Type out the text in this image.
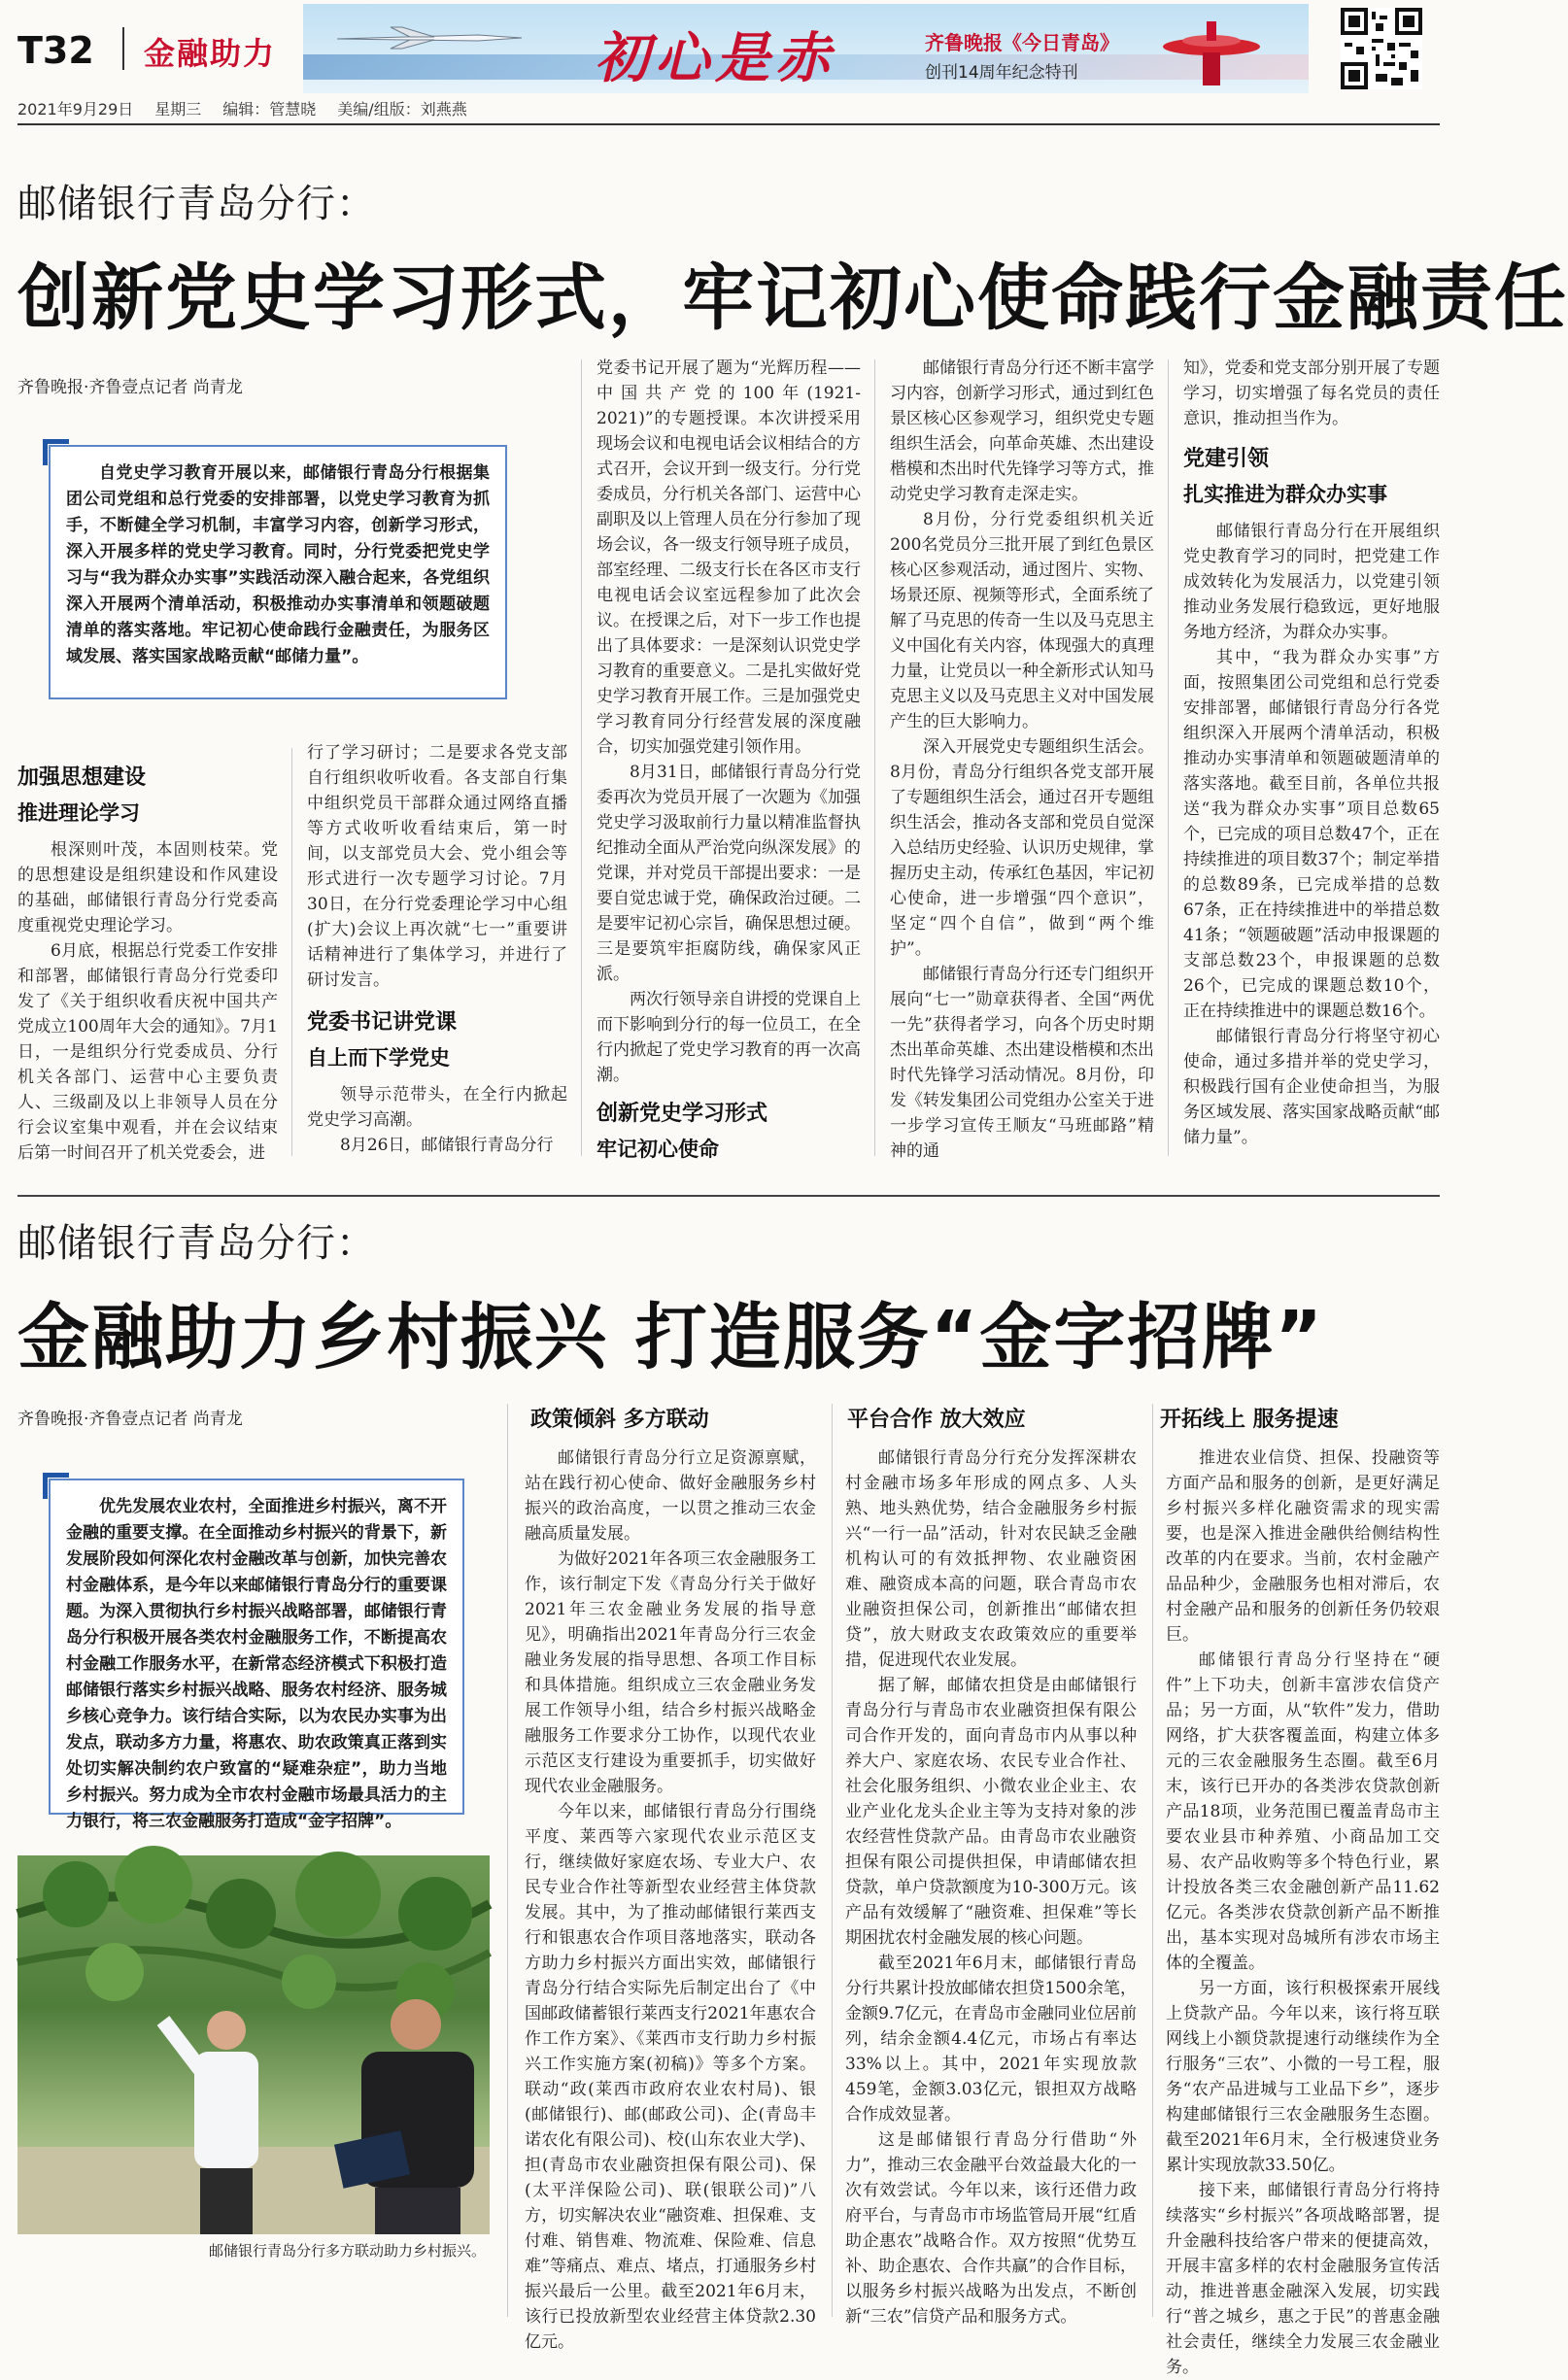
T32 金融助力	初心是赤	齐鲁晚报《今日青岛》
创刊14周年纪念特刊
2021年9月29日 星期三 编辑：管慧晓 美编/组版：刘燕燕
邮储银行青岛分行：
创新党史学习形式，牢记初心使命践行金融责任
齐鲁晚报·齐鲁壹点记者 尚青龙
自党史学习教育开展以来，邮储银行青岛分行根据集团公司党组和总行党委的安排部署，以党史学习教育为抓手，不断健全学习机制，丰富学习内容，创新学习形式，深入开展多样的党史学习教育。同时，分行党委把党史学习与“我为群众办实事”实践活动深入融合起来，各党组织深入开展两个清单活动，积极推动办实事清单和领题破题清单的落实落地。牢记初心使命践行金融责任，为服务区域发展、落实国家战略贡献“邮储力量”。

加强思想建设

推进理论学习

根深则叶茂，本固则枝荣。党的思想建设是组织建设和作风建设的基础，邮储银行青岛分行党委高度重视党史理论学习。

6月底，根据总行党委工作安排和部署，邮储银行青岛分行党委印发了《关于组织收看庆祝中国共产党成立100周年大会的通知》。7月1日，一是组织分行党委成员、分行机关各部门、运营中心主要负责人、三级副及以上非领导人员在分行会议室集中观看，并在会议结束后第一时间召开了机关党委会，进

行了学习研讨；二是要求各党支部自行组织收听收看。各支部自行集中组织党员干部群众通过网络直播等方式收听收看结束后，第一时间，以支部党员大会、党小组会等形式进行一次专题学习讨论。7月30日，在分行党委理论学习中心组(扩大)会议上再次就“七一”重要讲话精神进行了集体学习，并进行了研讨发言。

党委书记讲党课

自上而下学党史

领导示范带头，在全行内掀起党史学习高潮。

8月26日，邮储银行青岛分行

党委书记开展了题为“光辉历程——中国共产党的100年(1921-2021)”的专题授课。本次讲授采用现场会议和电视电话会议相结合的方式召开，会议开到一级支行。分行党委成员，分行机关各部门、运营中心副职及以上管理人员在分行参加了现场会议，各一级支行领导班子成员，部室经理、二级支行长在各区市支行电视电话会议室远程参加了此次会议。在授课之后，对下一步工作也提出了具体要求：一是深刻认识党史学习教育的重要意义。二是扎实做好党史学习教育开展工作。三是加强党史学习教育同分行经营发展的深度融合，切实加强党建引领作用。

8月31日，邮储银行青岛分行党委再次为党员开展了一次题为《加强党史学习汲取前行力量以精准监督执纪推动全面从严治党向纵深发展》的党课，并对党员干部提出要求：一是要自觉忠诚于党，确保政治过硬。二是要牢记初心宗旨，确保思想过硬。三是要筑牢拒腐防线，确保家风正派。

两次行领导亲自讲授的党课自上而下影响到分行的每一位员工，在全行内掀起了党史学习教育的再一次高潮。

创新党史学习形式

牢记初心使命

邮储银行青岛分行还不断丰富学习内容，创新学习形式，通过到红色景区核心区参观学习，组织党史专题组织生活会，向革命英雄、杰出建设楷模和杰出时代先锋学习等方式，推动党史学习教育走深走实。

8月份，分行党委组织机关近200名党员分三批开展了到红色景区核心区参观活动，通过图片、实物、场景还原、视频等形式，全面系统了解了马克思的传奇一生以及马克思主义中国化有关内容，体现强大的真理力量，让党员以一种全新形式认知马克思主义以及马克思主义对中国发展产生的巨大影响力。

深入开展党史专题组织生活会。8月份，青岛分行组织各党支部开展了专题组织生活会，通过召开专题组织生活会，推动各支部和党员自觉深入总结历史经验、认识历史规律，掌握历史主动，传承红色基因，牢记初心使命，进一步增强“四个意识”，坚定“四个自信”，做到“两个维护”。

邮储银行青岛分行还专门组织开展向“七一”勋章获得者、全国“两优一先”获得者学习，向各个历史时期杰出革命英雄、杰出建设楷模和杰出时代先锋学习活动情况。8月份，印发《转发集团公司党组办公室关于进一步学习宣传王顺友“马班邮路”精神的通

知》，党委和党支部分别开展了专题学习，切实增强了每名党员的责任意识，推动担当作为。

党建引领

扎实推进为群众办实事

邮储银行青岛分行在开展组织党史教育学习的同时，把党建工作成效转化为发展活力，以党建引领推动业务发展行稳致远，更好地服务地方经济，为群众办实事。

其中，“我为群众办实事”方面，按照集团公司党组和总行党委安排部署，邮储银行青岛分行各党组织深入开展两个清单活动，积极推动办实事清单和领题破题清单的落实落地。截至目前，各单位共报送“我为群众办实事”项目总数65个，已完成的项目总数47个，正在持续推进的项目数37个；制定举措的总数89条，已完成举措的总数67条，正在持续推进中的举措总数41条；“领题破题”活动申报课题的支部总数23个，申报课题的总数26个，已完成的课题总数10个，正在持续推进中的课题总数16个。

邮储银行青岛分行将坚守初心使命，通过多措并举的党史学习，积极践行国有企业使命担当，为服务区域发展、落实国家战略贡献“邮储力量”。

邮储银行青岛分行：
金融助力乡村振兴 打造服务“金字招牌”
齐鲁晚报·齐鲁壹点记者 尚青龙
优先发展农业农村，全面推进乡村振兴，离不开金融的重要支撑。在全面推动乡村振兴的背景下，新发展阶段如何深化农村金融改革与创新，加快完善农村金融体系，是今年以来邮储银行青岛分行的重要课题。为深入贯彻执行乡村振兴战略部署，邮储银行青岛分行积极开展各类农村金融服务工作，不断提高农村金融工作服务水平，在新常态经济模式下积极打造邮储银行落实乡村振兴战略、服务农村经济、服务城乡核心竞争力。该行结合实际，以为农民办实事为出发点，联动多方力量，将惠农、助农政策真正落到实处切实解决制约农户致富的“疑难杂症”，助力当地乡村振兴。努力成为全市农村金融市场最具活力的主力银行，将三农金融服务打造成“金字招牌”。
邮储银行青岛分行多方联动助力乡村振兴。
政策倾斜 多方联动

邮储银行青岛分行立足资源禀赋，站在践行初心使命、做好金融服务乡村振兴的政治高度，一以贯之推动三农金融高质量发展。

为做好2021年各项三农金融服务工作，该行制定下发《青岛分行关于做好2021年三农金融业务发展的指导意见》，明确指出2021年青岛分行三农金融业务发展的指导思想、各项工作目标和具体措施。组织成立三农金融业务发展工作领导小组，结合乡村振兴战略金融服务工作要求分工协作，以现代农业示范区支行建设为重要抓手，切实做好现代农业金融服务。

今年以来，邮储银行青岛分行围绕平度、莱西等六家现代农业示范区支行，继续做好家庭农场、专业大户、农民专业合作社等新型农业经营主体贷款发展。其中，为了推动邮储银行莱西支行和银惠农合作项目落地落实，联动各方助力乡村振兴方面出实效，邮储银行青岛分行结合实际先后制定出台了《中国邮政储蓄银行莱西支行2021年惠农合作工作方案》、《莱西市支行助力乡村振兴工作实施方案(初稿)》等多个方案。联动“政(莱西市政府农业农村局)、银(邮储银行)、邮(邮政公司)、企(青岛丰诺农化有限公司)、校(山东农业大学)、担(青岛市农业融资担保有限公司)、保(太平洋保险公司)、联(银联公司)”八方，切实解决农业“融资难、担保难、支付难、销售难、物流难、保险难、信息难”等痛点、难点、堵点，打通服务乡村振兴最后一公里。截至2021年6月末，该行已投放新型农业经营主体贷款2.30亿元。

平台合作 放大效应

邮储银行青岛分行充分发挥深耕农村金融市场多年形成的网点多、人头熟、地头熟优势，结合金融服务乡村振兴“一行一品”活动，针对农民缺乏金融机构认可的有效抵押物、农业融资困难、融资成本高的问题，联合青岛市农业融资担保公司，创新推出“邮储农担贷”，放大财政支农政策效应的重要举措，促进现代农业发展。

据了解，邮储农担贷是由邮储银行青岛分行与青岛市农业融资担保有限公司合作开发的，面向青岛市内从事以种养大户、家庭农场、农民专业合作社、社会化服务组织、小微农业企业主、农业产业化龙头企业主等为支持对象的涉农经营性贷款产品。由青岛市农业融资担保有限公司提供担保，申请邮储农担贷款，单户贷款额度为10-300万元。该产品有效缓解了“融资难、担保难”等长期困扰农村金融发展的核心问题。

截至2021年6月末，邮储银行青岛分行共累计投放邮储农担贷1500余笔，金额9.7亿元，在青岛市金融同业位居前列，结余金额4.4亿元，市场占有率达33%以上。其中，2021年实现放款459笔，金额3.03亿元，银担双方战略合作成效显著。

这是邮储银行青岛分行借助“外力”，推动三农金融平台效益最大化的一次有效尝试。今年以来，该行还借力政府平台，与青岛市市场监管局开展“红盾助企惠农”战略合作。双方按照“优势互补、助企惠农、合作共赢”的合作目标，以服务乡村振兴战略为出发点，不断创新“三农”信贷产品和服务方式。

开拓线上 服务提速

推进农业信贷、担保、投融资等方面产品和服务的创新，是更好满足乡村振兴多样化融资需求的现实需要，也是深入推进金融供给侧结构性改革的内在要求。当前，农村金融产品品种少，金融服务也相对滞后，农村金融产品和服务的创新任务仍较艰巨。

邮储银行青岛分行坚持在“硬件”上下功夫，创新丰富涉农信贷产品；另一方面，从“软件”发力，借助网络，扩大获客覆盖面，构建立体多元的三农金融服务生态圈。截至6月末，该行已开办的各类涉农贷款创新产品18项，业务范围已覆盖青岛市主要农业县市种养殖、小商品加工交易、农产品收购等多个特色行业，累计投放各类三农金融创新产品11.62亿元。各类涉农贷款创新产品不断推出，基本实现对岛城所有涉农市场主体的全覆盖。

另一方面，该行积极探索开展线上贷款产品。今年以来，该行将互联网线上小额贷款提速行动继续作为全行服务“三农”、小微的一号工程，服务“农产品进城与工业品下乡”，逐步构建邮储银行三农金融服务生态圈。截至2021年6月末，全行极速贷业务累计实现放款33.50亿。

接下来，邮储银行青岛分行将持续落实“乡村振兴”各项战略部署，提升金融科技给客户带来的便捷高效，开展丰富多样的农村金融服务宣传活动，推进普惠金融深入发展，切实践行“普之城乡，惠之于民”的普惠金融社会责任，继续全力发展三农金融业务。
